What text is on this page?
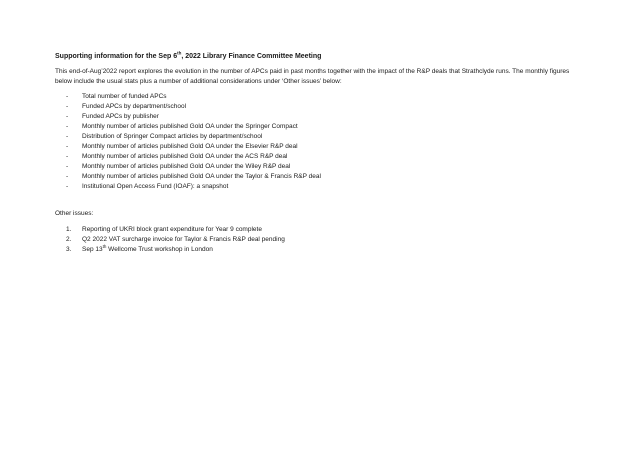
Supporting information for the Sep 6th, 2022 Library Finance Committee Meeting

This end-of-Aug’2022 report explores the evolution in the number of APCs paid in past months together with the impact of the R&P deals that Strathclyde runs. The monthly figures below include the usual stats plus a number of additional considerations under ‘Other issues’ below:

- Total number of funded APCs
- Funded APCs by department/school
- Funded APCs by publisher
- Monthly number of articles published Gold OA under the Springer Compact
- Distribution of Springer Compact articles by department/school
- Monthly number of articles published Gold OA under the Elsevier R&P deal
- Monthly number of articles published Gold OA under the ACS R&P deal
- Monthly number of articles published Gold OA under the Wiley R&P deal
- Monthly number of articles published Gold OA under the Taylor & Francis R&P deal
- Institutional Open Access Fund (IOAF): a snapshot

Other issues:

1. Reporting of UKRI block grant expenditure for Year 9 complete
2. Q2 2022 VAT surcharge invoice for Taylor & Francis R&P deal pending
3. Sep 13th Wellcome Trust workshop in London
